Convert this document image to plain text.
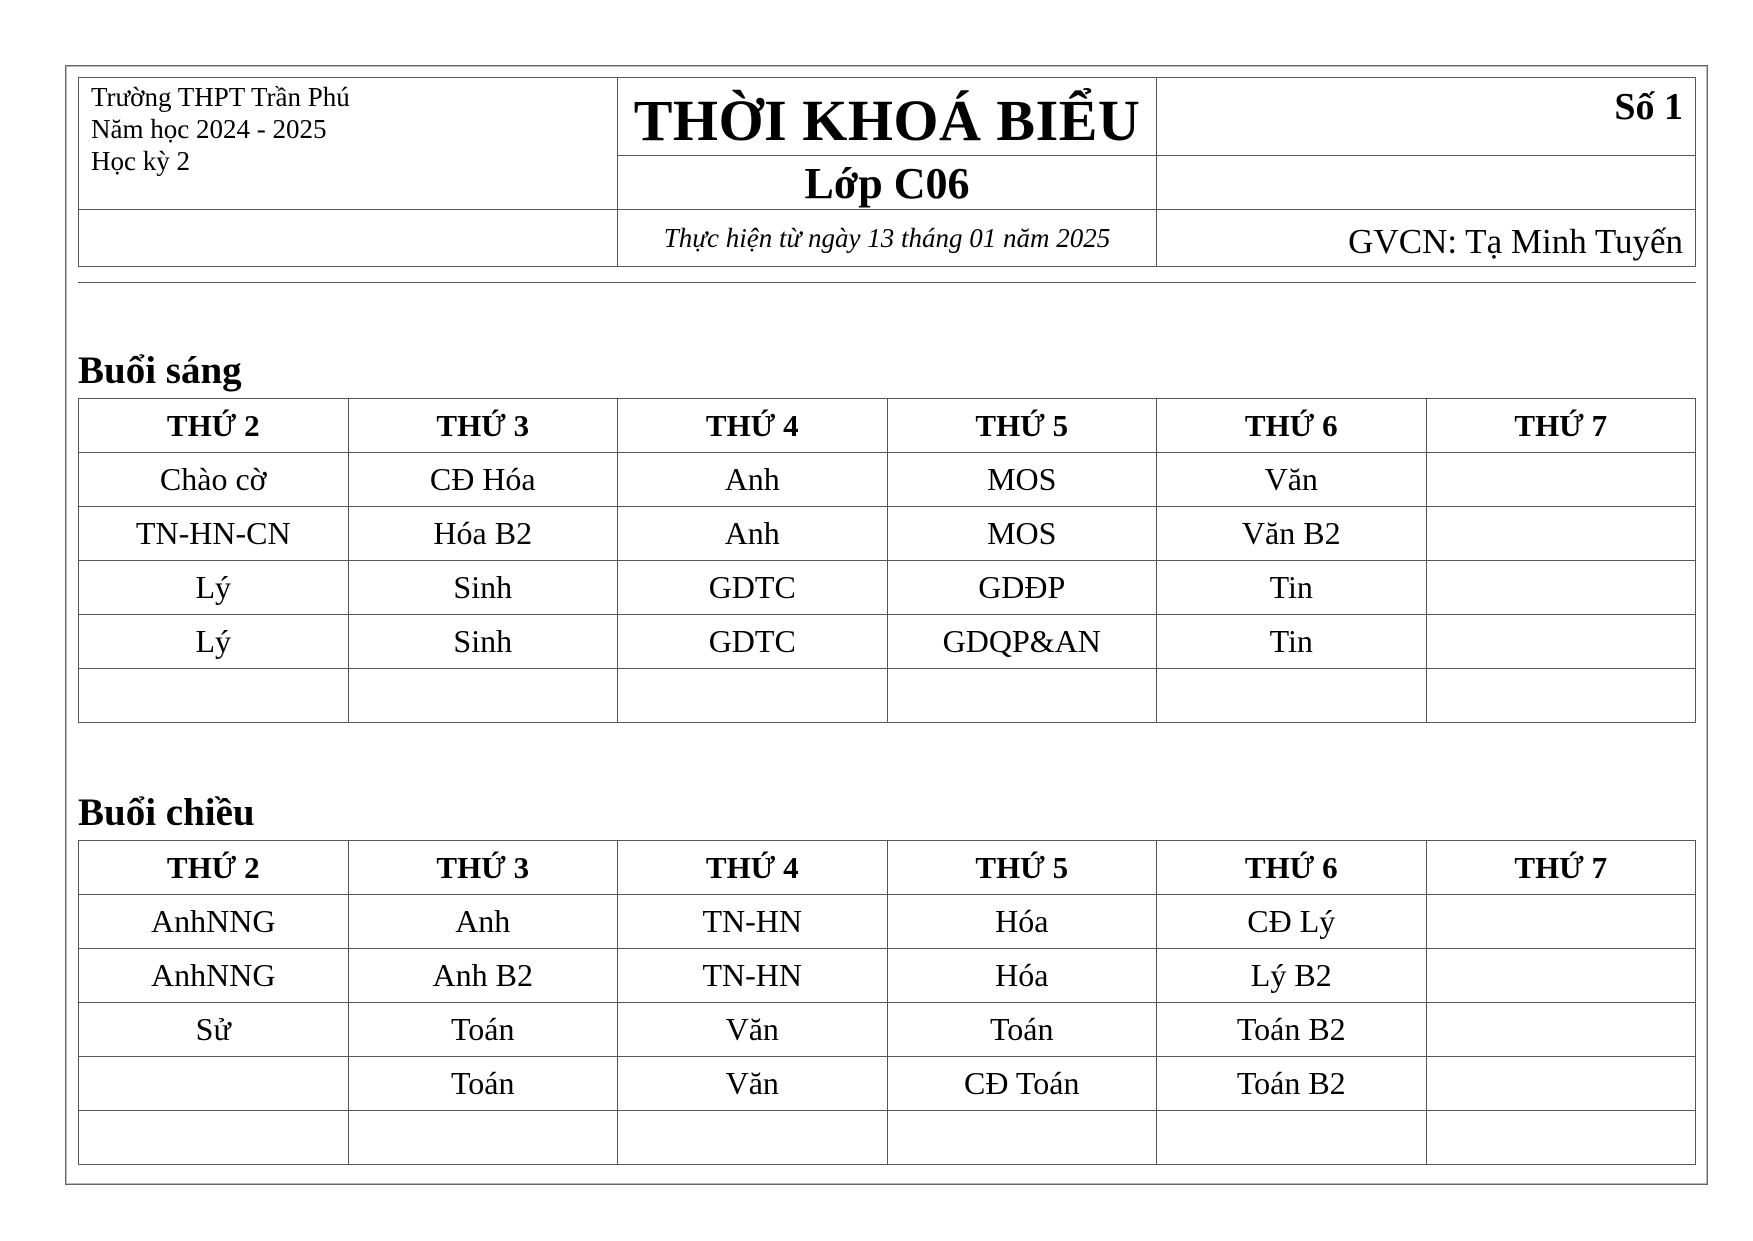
Trường THPT Trần Phú
Năm học 2024 - 2025
Học kỳ 2
THỜI KHOÁ BIỂU
Lớp C06
Thực hiện từ ngày 13 tháng 01 năm 2025
Số 1
GVCN: Tạ Minh Tuyến
Buổi sáng
THỨ 2	THỨ 3	THỨ 4	THỨ 5	THỨ 6	THỨ 7
Chào cờ	CĐ Hóa	Anh	MOS	Văn	
TN-HN-CN	Hóa B2	Anh	MOS	Văn B2	
Lý	Sinh	GDTC	GDĐP	Tin	
Lý	Sinh	GDTC	GDQP&AN	Tin	

Buổi chiều
THỨ 2	THỨ 3	THỨ 4	THỨ 5	THỨ 6	THỨ 7
AnhNNG	Anh	TN-HN	Hóa	CĐ Lý	
AnhNNG	Anh B2	TN-HN	Hóa	Lý B2	
Sử	Toán	Văn	Toán	Toán B2	
	Toán	Văn	CĐ Toán	Toán B2	
